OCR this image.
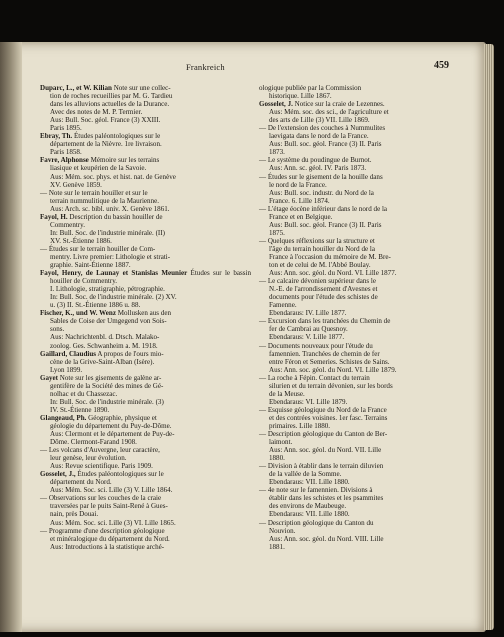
Frankreich	459
Duparc, L., et W. Kilian Note sur une collec-
tion de roches recueillies par M. G. Tardieu
dans les alluvions actuelles de la Durance.
Avec des notes de M. P. Termier.
Aus: Bull. Soc. géol. France (3) XXIII.
Paris 1895.
Ebray, Th. Études paléontologiques sur le
département de la Nièvre. 1re livraison.
Paris 1858.
Favre, Alphonse Mémoire sur les terrains
liasique et keupérien de la Savoie.
Aus: Mém. soc. phys. et hist. nat. de Genève
XV. Genève 1859.
— Note sur le terrain houiller et sur le
terrain nummulitique de la Maurienne.
Aus: Arch. sc. bibl. univ. X. Genève 1861.
Fayol, H. Description du bassin houiller de
Commentry.
In: Bull. Soc. de l'industrie minérale. (II)
XV. St.-Étienne 1886.
— Études sur le terrain houiller de Com-
mentry. Livre premier: Lithologie et strati-
graphie. Saint-Étienne 1887.
Fayol, Henry, de Launay et Stanislas Meunier Études sur le bassin houiller de Commentry.
I. Lithologie, stratigraphie, pétrographie.
In: Bull. Soc. de l'industrie minérale. (2) XV.
u. (3) II. St.-Étienne 1886 u. 88.
Fischer, K., und W. Wenz Mollusken aus den
Sables de Coise der Umgegend von Sois-
sons.
Aus: Nachrichtenbl. d. Dtsch. Malako-
zoolog. Ges. Schwanheim a. M. 1918.
Gaillard, Claudius A propos de l'ours mio-
cène de la Grive-Saint-Alban (Isère).
Lyon 1899.
Gayet Note sur les gisements de galène ar-
gentifère de la Société des mines de Gé-
nolhac et du Chassezac.
In: Bull. Soc. de l'industrie minérale. (3)
IV. St.-Étienne 1890.
Glangeaud, Ph. Géographie, physique et
géologie du département du Puy-de-Dôme.
Aus: Clermont et le département de Puy-de-
Dôme. Clermont-Farand 1908.
— Les volcans d'Auvergne, leur caractère,
leur genèse, leur évolution.
Aus: Revue scientifique. Paris 1909.
Gosselet, J., Études paléontologiques sur le
département du Nord.
Aus: Mém. Soc. sci. Lille (3) V. Lille 1864.
— Observations sur les couches de la craie
traversées par le puits Saint-René à Gues-
nain, près Douai.
Aus: Mém. Soc. sci. Lille (3) VI. Lille 1865.
— Programme d'une description géologique
et minéralogique du département du Nord.
Aus: Introductions à la statistique arché-
ologique publiée par la Commission
historique. Lille 1867.
Gosselet, J. Notice sur la craie de Lezennes.
Aus: Mém. soc. des sci., de l'agriculture et
des arts de Lille (3) VII. Lille 1869.
— De l'extension des couches à Nummulites
laevigata dans le nord de la France.
Aus: Bull. soc. géol. France (3) II. Paris
1873.
— Le système du poudingue de Burnot.
Aus: Ann. sc. géol. IV. Paris 1873.
— Études sur le gisement de la houille dans
le nord de la France.
Aus: Bull. soc. industr. du Nord de la
France. 6. Lille 1874.
— L'étage éocène inférieur dans le nord de la
France et en Belgique.
Aus: Bull. soc. géol. France (3) II. Paris
1875.
— Quelques réflexions sur la structure et
l'âge du terrain houiller du Nord de la
France à l'occasion du mémoire de M. Bre-
ton et de celui de M. l'Abbé Boulay.
Aus: Ann. soc. géol. du Nord. VI. Lille 1877.
— Le calcaire dévonien supérieur dans le
N.-E. de l'arrondissement d'Avesnes et
documents pour l'étude des schistes de
Famenne.
Ebendaraus: IV. Lille 1877.
— Excursion dans les tranchées du Chemin de
fer de Cambrai au Quesnoy.
Ebendaraus: V. Lille 1877.
— Documents nouveaux pour l'étude du
famennien. Tranchées de chemin de fer
entre Féron et Semeries. Schistes de Sains.
Aus: Ann. soc. géol. du Nord. VI. Lille 1879.
— La roche à Fépin. Contact du terrain
silurien et du terrain dévonien, sur les bords
de la Meuse.
Ebendaraus: VI. Lille 1879.
— Esquisse géologique du Nord de la France
et des contrées voisines. 1er fasc. Terrains
primaires. Lille 1880.
— Description géologique du Canton de Ber-
laimont.
Aus: Ann. soc. géol. du Nord. VII. Lille
1880.
— Division à établir dans le terrain diluvien
de la vallée de la Somme.
Ebendaraus: VII. Lille 1880.
— 4e note sur le famennien. Divisions à
établir dans les schistes et les psammites
des environs de Maubeuge.
Ebendaraus: VII. Lille 1880.
— Description géologique du Canton du
Nouvion.
Aus: Ann. soc. géol. du Nord. VIII. Lille
1881.
